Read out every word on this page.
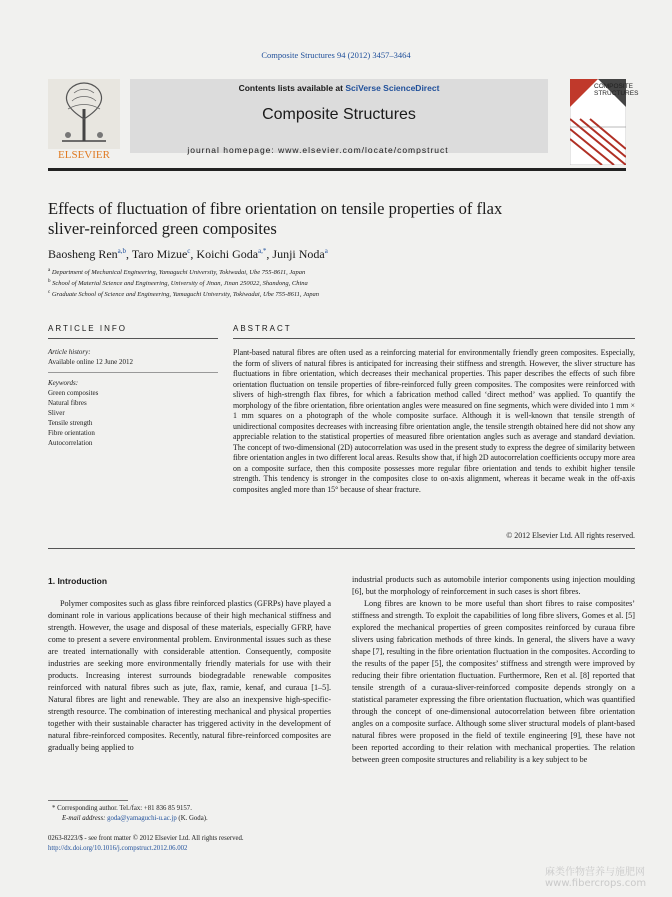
Composite Structures 94 (2012) 3457–3464
ELSEVIER
Contents lists available at SciVerse ScienceDirect
Composite Structures
journal homepage: www.elsevier.com/locate/compstruct
COMPOSITE
STRUCTURES
Effects of fluctuation of fibre orientation on tensile properties of flax
sliver-reinforced green composites
Baosheng Ren$^{a,b}$, Taro Mizue$^c$, Koichi Goda$^{a,*}$, Junji Noda$^a$
$^a$ Department of Mechanical Engineering, Yamaguchi University, Tokiwadai, Ube 755-8611, Japan
$^b$ School of Material Science and Engineering, University of Jinan, Jinan 250022, Shandong, China
$^c$ Graduate School of Science and Engineering, Yamaguchi University, Tokiwadai, Ube 755-8611, Japan
ARTICLE INFO	ABSTRACT
Article history:
Available online 12 June 2012
Keywords:
Green composites
Natural fibres
Sliver
Tensile strength
Fibre orientation
Autocorrelation
Plant-based natural fibres are often used as a reinforcing material for environmentally friendly green composites. Especially, the form of slivers of natural fibres is anticipated for increasing their stiffness and strength. However, the sliver structure has fluctuations in fibre orientation, which decreases their mechanical properties. This paper describes the effects of such fibre orientation fluctuation on tensile properties of fibre-reinforced fully green composites. The composites were reinforced with slivers of high-strength flax fibres, for which a fabrication method called ‘direct method’ was applied. To quantify the morphology of the fibre orientation, fibre orientation angles were measured on fine segments, which were divided into 1 mm × 1 mm squares on a photograph of the whole composite surface. Although it is well-known that tensile strength of unidirectional composites decreases with increasing fibre orientation angle, the tensile strength obtained here did not show any appreciable relation to the statistical properties of measured fibre orientation angles such as average and standard deviation. The concept of two-dimensional (2D) autocorrelation was used in the present study to express the degree of similarity between fibre orientation angles in two different local areas. Results show that, if high 2D autocorrelation coefficients occupy more area on a composite surface, then this composite possesses more regular fibre orientation and tends to exhibit higher tensile strength. This tendency is stronger in the composites close to on-axis alignment, whereas it became weak in the off-axis composites angled more than 15° because of shear fracture.
© 2012 Elsevier Ltd. All rights reserved.
1. Introduction

Polymer composites such as glass fibre reinforced plastics (GFRPs) have played a dominant role in various applications because of their high mechanical stiffness and strength. However, the usage and disposal of these materials, especially GFRP, have come to present a severe environmental problem. Environmental issues such as these are treated internationally with considerable attention. Consequently, composite industries are seeking more environmentally friendly materials for use with their products. Increasing interest surrounds biodegradable renewable composites reinforced with natural fibres such as jute, flax, ramie, kenaf, and curaua [1–5]. Natural fibres are light and renewable. They are also an inexpensive high-specific-strength resource. The combination of interesting mechanical and physical properties together with their sustainable character has triggered activity in the development of natural fibre-reinforced composites. Recently, natural fibre-reinforced composites are gradually being applied to

industrial products such as automobile interior components using injection moulding [6], but the morphology of reinforcement in such cases is short fibres.

Long fibres are known to be more useful than short fibres to raise composites’ stiffness and strength. To exploit the capabilities of long fibre slivers, Gomes et al. [5] explored the mechanical properties of green composites reinforced by curaua fibre slivers using fabrication methods of three kinds. In general, the slivers have a wavy shape [7], resulting in the fibre orientation fluctuation in the composites. According to the results of the paper [5], the composites’ stiffness and strength were improved by reducing their fibre orientation fluctuation. Furthermore, Ren et al. [8] reported that tensile strength of a curaua-sliver-reinforced composite depends strongly on a statistical parameter expressing the fibre orientation fluctuation, which was quantified through the concept of one-dimensional autocorrelation between fibre orientation angles on a composite surface. Although some sliver structural models of plant-based natural fibres were proposed in the field of textile engineering [9], these have not been reported according to their relation with mechanical properties. The relation between green composite structures and reliability is a key subject to be

* Corresponding author. Tel./fax: +81 836 85 9157.
E-mail address: goda@yamaguchi-u.ac.jp (K. Goda).
0263-8223/$ - see front matter © 2012 Elsevier Ltd. All rights reserved.
http://dx.doi.org/10.1016/j.compstruct.2012.06.002
麻类作物营养与施肥网 www.fibercrops.com
